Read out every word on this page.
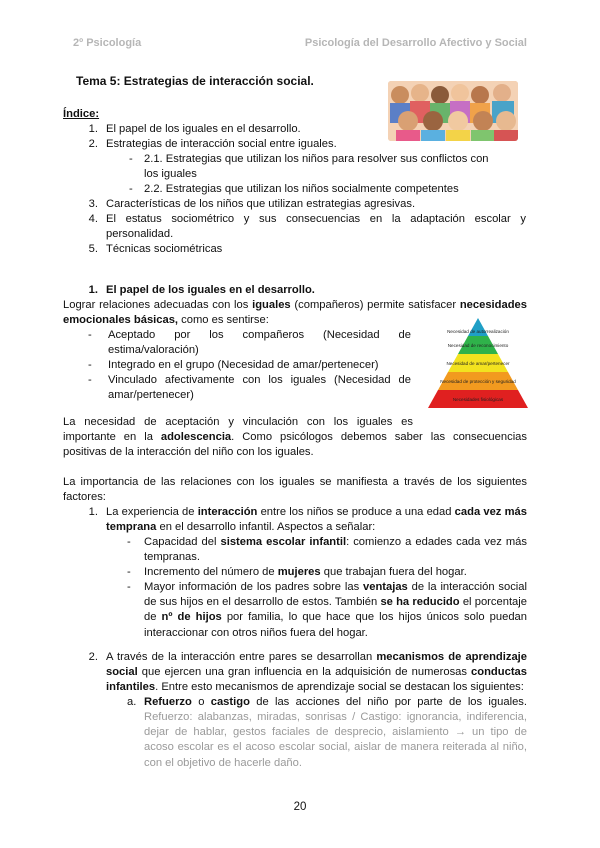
2º Psicología	Psicología del Desarrollo Afectivo y Social
Tema 5: Estrategias de interacción social.
Índice:
1. El papel de los iguales en el desarrollo.
2. Estrategias de interacción social entre iguales.
- 2.1. Estrategias que utilizan los niños para resolver sus conflictos con los iguales
- 2.2. Estrategias que utilizan los niños socialmente competentes
3. Características de los niños que utilizan estrategias agresivas.
4. El estatus sociométrico y sus consecuencias en la adaptación escolar y personalidad.
5. Técnicas sociométricas
1. El papel de los iguales en el desarrollo.
Lograr relaciones adecuadas con los iguales (compañeros) permite satisfacer necesidades
emocionales básicas, como es sentirse:
- Aceptado por los compañeros (Necesidad de estima/valoración)
- Integrado en el grupo (Necesidad de amar/pertenecer)
- Vinculado afectivamente con los iguales (Necesidad de amar/pertenecer)
Necesidad de autorrealización
Necesidad de reconocimiento
Necesidad de amar/pertenecer
Necesidad de protección y seguridad
Necesidades fisiológicas
La necesidad de aceptación y vinculación con los iguales es
importante en la adolescencia. Como psicólogos debemos saber las consecuencias
positivas de la interacción del niño con los iguales.
La importancia de las relaciones con los iguales se manifiesta a través de los siguientes factores:
1. La experiencia de interacción entre los niños se produce a una edad cada vez más temprana en el desarrollo infantil. Aspectos a señalar:
- Capacidad del sistema escolar infantil: comienzo a edades cada vez más tempranas.
- Incremento del número de mujeres que trabajan fuera del hogar.
- Mayor información de los padres sobre las ventajas de la interacción social de sus hijos en el desarrollo de estos. También se ha reducido el porcentaje de nº de hijos por familia, lo que hace que los hijos únicos solo puedan interaccionar con otros niños fuera del hogar.
2. A través de la interacción entre pares se desarrollan mecanismos de aprendizaje social que ejercen una gran influencia en la adquisición de numerosas conductas infantiles. Entre esto mecanismos de aprendizaje social se destacan los siguientes:
a. Refuerzo o castigo de las acciones del niño por parte de los iguales.
Refuerzo: alabanzas, miradas, sonrisas / Castigo: ignorancia, indiferencia, dejar de hablar, gestos faciales de desprecio, aislamiento → un tipo de acoso escolar es el acoso escolar social, aislar de manera reiterada al niño, con el objetivo de hacerle daño.
20
